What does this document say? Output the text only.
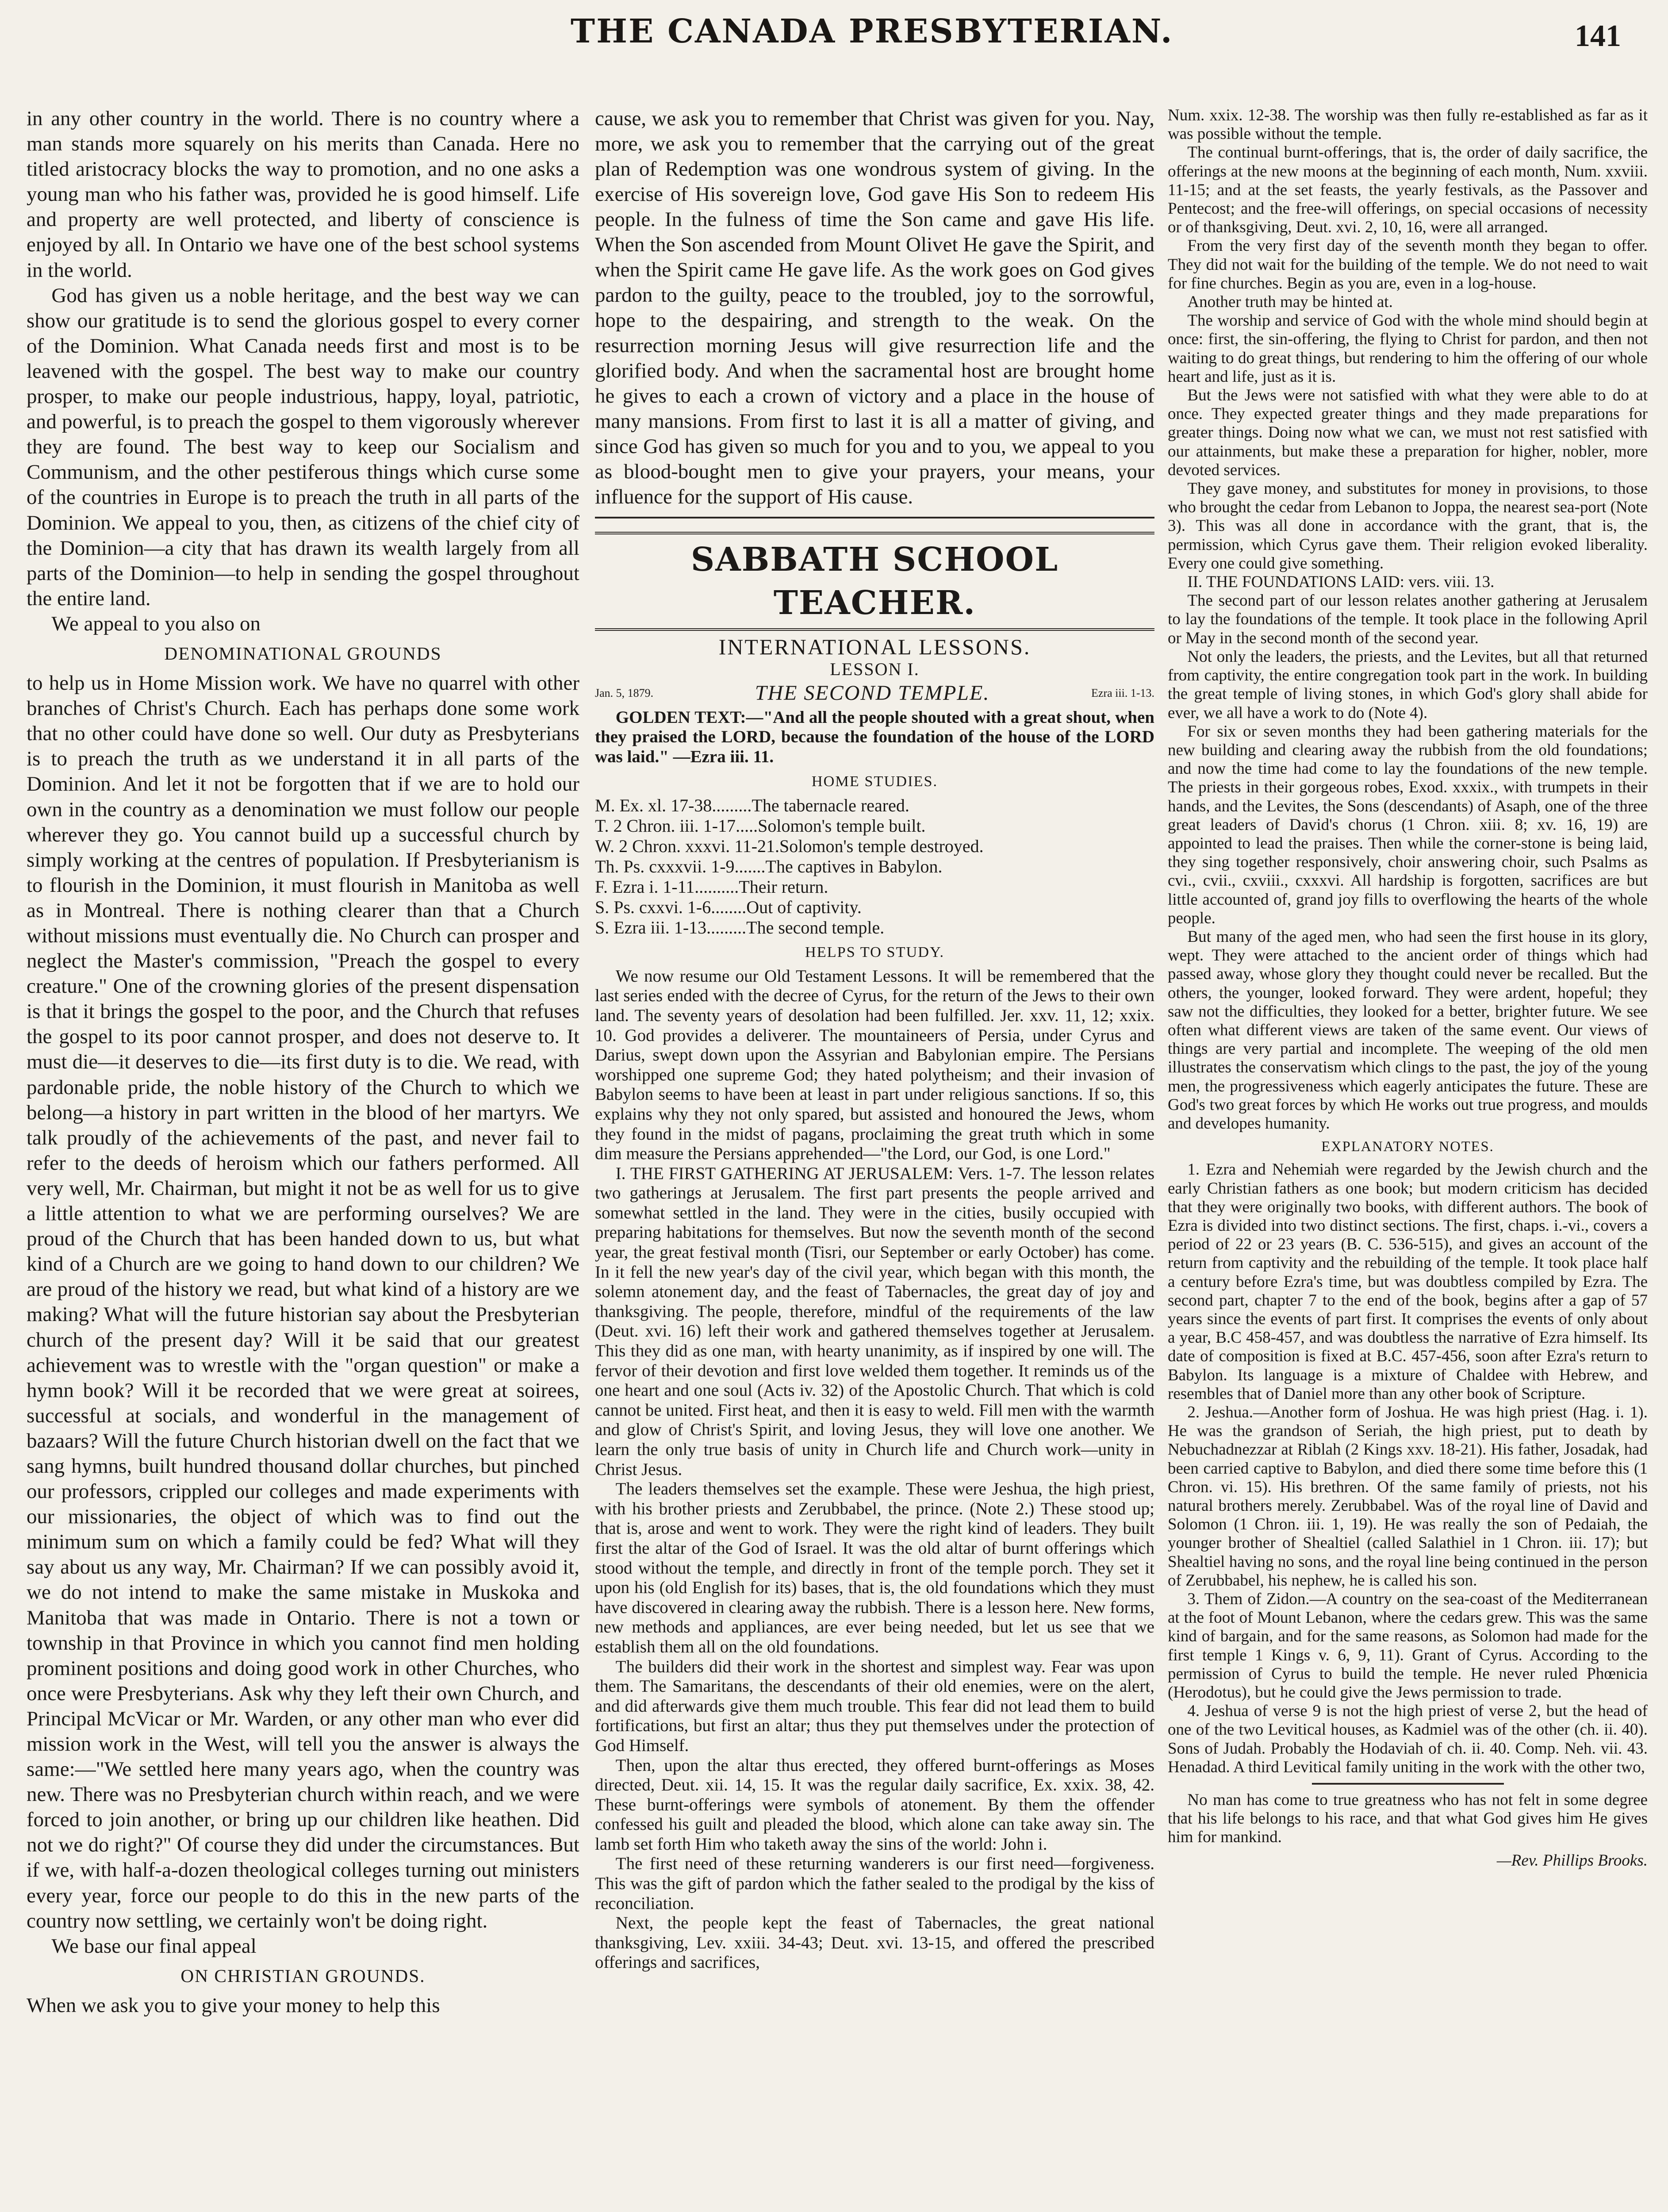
THE CANADA PRESBYTERIAN.	141

in any other country in the world. There is no country where a man stands more squarely on his merits than Canada. Here no titled aristocracy blocks the way to promotion, and no one asks a young man who his father was, provided he is good himself. Life and property are well protected, and liberty of conscience is enjoyed by all. In Ontario we have one of the best school systems in the world.

God has given us a noble heritage, and the best way we can show our gratitude is to send the glorious gospel to every corner of the Dominion. What Canada needs first and most is to be leavened with the gospel. The best way to make our country prosper, to make our people industrious, happy, loyal, patriotic, and powerful, is to preach the gospel to them vigorously wherever they are found. The best way to keep our Socialism and Communism, and the other pestiferous things which curse some of the countries in Europe is to preach the truth in all parts of the Dominion. We appeal to you, then, as citizens of the chief city of the Dominion—a city that has drawn its wealth largely from all parts of the Dominion—to help in sending the gospel throughout the entire land.

We appeal to you also on

DENOMINATIONAL GROUNDS

to help us in Home Mission work. We have no quarrel with other branches of Christ's Church. Each has perhaps done some work that no other could have done so well. Our duty as Presbyterians is to preach the truth as we understand it in all parts of the Dominion. And let it not be forgotten that if we are to hold our own in the country as a denomination we must follow our people wherever they go. You cannot build up a successful church by simply working at the centres of population. If Presbyterianism is to flourish in the Dominion, it must flourish in Manitoba as well as in Montreal. There is nothing clearer than that a Church without missions must eventually die. No Church can prosper and neglect the Master's commission, "Preach the gospel to every creature." One of the crowning glories of the present dispensation is that it brings the gospel to the poor, and the Church that refuses the gospel to its poor cannot prosper, and does not deserve to. It must die—it deserves to die—its first duty is to die. We read, with pardonable pride, the noble history of the Church to which we belong—a history in part written in the blood of her martyrs. We talk proudly of the achievements of the past, and never fail to refer to the deeds of heroism which our fathers performed. All very well, Mr. Chairman, but might it not be as well for us to give a little attention to what we are performing ourselves? We are proud of the Church that has been handed down to us, but what kind of a Church are we going to hand down to our children? We are proud of the history we read, but what kind of a history are we making? What will the future historian say about the Presbyterian church of the present day? Will it be said that our greatest achievement was to wrestle with the "organ question" or make a hymn book? Will it be recorded that we were great at soirees, successful at socials, and wonderful in the management of bazaars? Will the future Church historian dwell on the fact that we sang hymns, built hundred thousand dollar churches, but pinched our professors, crippled our colleges and made experiments with our missionaries, the object of which was to find out the minimum sum on which a family could be fed? What will they say about us any way, Mr. Chairman? If we can possibly avoid it, we do not intend to make the same mistake in Muskoka and Manitoba that was made in Ontario. There is not a town or township in that Province in which you cannot find men holding prominent positions and doing good work in other Churches, who once were Presbyterians. Ask why they left their own Church, and Principal McVicar or Mr. Warden, or any other man who ever did mission work in the West, will tell you the answer is always the same:—"We settled here many years ago, when the country was new. There was no Presbyterian church within reach, and we were forced to join another, or bring up our children like heathen. Did not we do right?" Of course they did under the circumstances. But if we, with half-a-dozen theological colleges turning out ministers every year, force our people to do this in the new parts of the country now settling, we certainly won't be doing right.

We base our final appeal

ON CHRISTIAN GROUNDS.

When we ask you to give your money to help this

cause, we ask you to remember that Christ was given for you. Nay, more, we ask you to remember that the carrying out of the great plan of Redemption was one wondrous system of giving. In the exercise of His sovereign love, God gave His Son to redeem His people. In the fulness of time the Son came and gave His life. When the Son ascended from Mount Olivet He gave the Spirit, and when the Spirit came He gave life. As the work goes on God gives pardon to the guilty, peace to the troubled, joy to the sorrowful, hope to the despairing, and strength to the weak. On the resurrection morning Jesus will give resurrection life and the glorified body. And when the sacramental host are brought home he gives to each a crown of victory and a place in the house of many mansions. From first to last it is all a matter of giving, and since God has given so much for you and to you, we appeal to you as blood-bought men to give your prayers, your means, your influence for the support of His cause.

SABBATH SCHOOL TEACHER.
INTERNATIONAL LESSONS.
LESSON I.
Jan. 5, 1879.	THE SECOND TEMPLE.	Ezra iii. 1-13.

GOLDEN TEXT:—"And all the people shouted with a great shout, when they praised the LORD, because the foundation of the house of the LORD was laid." —Ezra iii. 11.

HOME STUDIES.

M. Ex. xl. 17-38.........The tabernacle reared.
T. 2 Chron. iii. 1-17.....Solomon's temple built.
W. 2 Chron. xxxvi. 11-21.Solomon's temple destroyed.
Th. Ps. cxxxvii. 1-9.......The captives in Babylon.
F. Ezra i. 1-11..........Their return.
S. Ps. cxxvi. 1-6........Out of captivity.
S. Ezra iii. 1-13.........The second temple.

HELPS TO STUDY.

We now resume our Old Testament Lessons. It will be remembered that the last series ended with the decree of Cyrus, for the return of the Jews to their own land. The seventy years of desolation had been fulfilled. Jer. xxv. 11, 12; xxix. 10. God provides a deliverer. The mountaineers of Persia, under Cyrus and Darius, swept down upon the Assyrian and Babylonian empire. The Persians worshipped one supreme God; they hated polytheism; and their invasion of Babylon seems to have been at least in part under religious sanctions. If so, this explains why they not only spared, but assisted and honoured the Jews, whom they found in the midst of pagans, proclaiming the great truth which in some dim measure the Persians apprehended—"the Lord, our God, is one Lord."

I. THE FIRST GATHERING AT JERUSALEM: Vers. 1-7. The lesson relates two gatherings at Jerusalem. The first part presents the people arrived and somewhat settled in the land. They were in the cities, busily occupied with preparing habitations for themselves. But now the seventh month of the second year, the great festival month (Tisri, our September or early October) has come. In it fell the new year's day of the civil year, which began with this month, the solemn atonement day, and the feast of Tabernacles, the great day of joy and thanksgiving. The people, therefore, mindful of the requirements of the law (Deut. xvi. 16) left their work and gathered themselves together at Jerusalem. This they did as one man, with hearty unanimity, as if inspired by one will. The fervor of their devotion and first love welded them together. It reminds us of the one heart and one soul (Acts iv. 32) of the Apostolic Church. That which is cold cannot be united. First heat, and then it is easy to weld. Fill men with the warmth and glow of Christ's Spirit, and loving Jesus, they will love one another. We learn the only true basis of unity in Church life and Church work—unity in Christ Jesus.

The leaders themselves set the example. These were Jeshua, the high priest, with his brother priests and Zerubbabel, the prince. (Note 2.) These stood up; that is, arose and went to work. They were the right kind of leaders. They built first the altar of the God of Israel. It was the old altar of burnt offerings which stood without the temple, and directly in front of the temple porch. They set it upon his (old English for its) bases, that is, the old foundations which they must have discovered in clearing away the rubbish. There is a lesson here. New forms, new methods and appliances, are ever being needed, but let us see that we establish them all on the old foundations.

The builders did their work in the shortest and simplest way. Fear was upon them. The Samaritans, the descendants of their old enemies, were on the alert, and did afterwards give them much trouble. This fear did not lead them to build fortifications, but first an altar; thus they put themselves under the protection of God Himself.

Then, upon the altar thus erected, they offered burnt-offerings as Moses directed, Deut. xii. 14, 15. It was the regular daily sacrifice, Ex. xxix. 38, 42. These burnt-offerings were symbols of atonement. By them the offender confessed his guilt and pleaded the blood, which alone can take away sin. The lamb set forth Him who taketh away the sins of the world: John i.

The first need of these returning wanderers is our first need—forgiveness. This was the gift of pardon which the father sealed to the prodigal by the kiss of reconciliation.

Next, the people kept the feast of Tabernacles, the great national thanksgiving, Lev. xxiii. 34-43; Deut. xvi. 13-15, and offered the prescribed offerings and sacrifices,

Num. xxix. 12-38. The worship was then fully re-established as far as it was possible without the temple.

The continual burnt-offerings, that is, the order of daily sacrifice, the offerings at the new moons at the beginning of each month, Num. xxviii. 11-15; and at the set feasts, the yearly festivals, as the Passover and Pentecost; and the free-will offerings, on special occasions of necessity or of thanksgiving, Deut. xvi. 2, 10, 16, were all arranged.

From the very first day of the seventh month they began to offer. They did not wait for the building of the temple. We do not need to wait for fine churches. Begin as you are, even in a log-house.

Another truth may be hinted at.

The worship and service of God with the whole mind should begin at once: first, the sin-offering, the flying to Christ for pardon, and then not waiting to do great things, but rendering to him the offering of our whole heart and life, just as it is.

But the Jews were not satisfied with what they were able to do at once. They expected greater things and they made preparations for greater things. Doing now what we can, we must not rest satisfied with our attainments, but make these a preparation for higher, nobler, more devoted services.

They gave money, and substitutes for money in provisions, to those who brought the cedar from Lebanon to Joppa, the nearest sea-port (Note 3). This was all done in accordance with the grant, that is, the permission, which Cyrus gave them. Their religion evoked liberality. Every one could give something.

II. THE FOUNDATIONS LAID: vers. viii. 13.

The second part of our lesson relates another gathering at Jerusalem to lay the foundations of the temple. It took place in the following April or May in the second month of the second year.

Not only the leaders, the priests, and the Levites, but all that returned from captivity, the entire congregation took part in the work. In building the great temple of living stones, in which God's glory shall abide for ever, we all have a work to do (Note 4).

For six or seven months they had been gathering materials for the new building and clearing away the rubbish from the old foundations; and now the time had come to lay the foundations of the new temple. The priests in their gorgeous robes, Exod. xxxix., with trumpets in their hands, and the Levites, the Sons (descendants) of Asaph, one of the three great leaders of David's chorus (1 Chron. xiii. 8; xv. 16, 19) are appointed to lead the praises. Then while the corner-stone is being laid, they sing together responsively, choir answering choir, such Psalms as cvi., cvii., cxviii., cxxxvi. All hardship is forgotten, sacrifices are but little accounted of, grand joy fills to overflowing the hearts of the whole people.

But many of the aged men, who had seen the first house in its glory, wept. They were attached to the ancient order of things which had passed away, whose glory they thought could never be recalled. But the others, the younger, looked forward. They were ardent, hopeful; they saw not the difficulties, they looked for a better, brighter future. We see often what different views are taken of the same event. Our views of things are very partial and incomplete. The weeping of the old men illustrates the conservatism which clings to the past, the joy of the young men, the progressiveness which eagerly anticipates the future. These are God's two great forces by which He works out true progress, and moulds and developes humanity.

EXPLANATORY NOTES.

1. Ezra and Nehemiah were regarded by the Jewish church and the early Christian fathers as one book; but modern criticism has decided that they were originally two books, with different authors. The book of Ezra is divided into two distinct sections. The first, chaps. i.-vi., covers a period of 22 or 23 years (B. C. 536-515), and gives an account of the return from captivity and the rebuilding of the temple. It took place half a century before Ezra's time, but was doubtless compiled by Ezra. The second part, chapter 7 to the end of the book, begins after a gap of 57 years since the events of part first. It comprises the events of only about a year, B.C 458-457, and was doubtless the narrative of Ezra himself. Its date of composition is fixed at B.C. 457-456, soon after Ezra's return to Babylon. Its language is a mixture of Chaldee with Hebrew, and resembles that of Daniel more than any other book of Scripture.

2. Jeshua.—Another form of Joshua. He was high priest (Hag. i. 1). He was the grandson of Seriah, the high priest, put to death by Nebuchadnezzar at Riblah (2 Kings xxv. 18-21). His father, Josadak, had been carried captive to Babylon, and died there some time before this (1 Chron. vi. 15). His brethren. Of the same family of priests, not his natural brothers merely. Zerubbabel. Was of the royal line of David and Solomon (1 Chron. iii. 1, 19). He was really the son of Pedaiah, the younger brother of Shealtiel (called Salathiel in 1 Chron. iii. 17); but Shealtiel having no sons, and the royal line being continued in the person of Zerubbabel, his nephew, he is called his son.

3. Them of Zidon.—A country on the sea-coast of the Mediterranean at the foot of Mount Lebanon, where the cedars grew. This was the same kind of bargain, and for the same reasons, as Solomon had made for the first temple 1 Kings v. 6, 9, 11). Grant of Cyrus. According to the permission of Cyrus to build the temple. He never ruled Phœnicia (Herodotus), but he could give the Jews permission to trade.

4. Jeshua of verse 9 is not the high priest of verse 2, but the head of one of the two Levitical houses, as Kadmiel was of the other (ch. ii. 40). Sons of Judah. Probably the Hodaviah of ch. ii. 40. Comp. Neh. vii. 43. Henadad. A third Levitical family uniting in the work with the other two,

No man has come to true greatness who has not felt in some degree that his life belongs to his race, and that what God gives him He gives him for mankind.

—Rev. Phillips Brooks.
